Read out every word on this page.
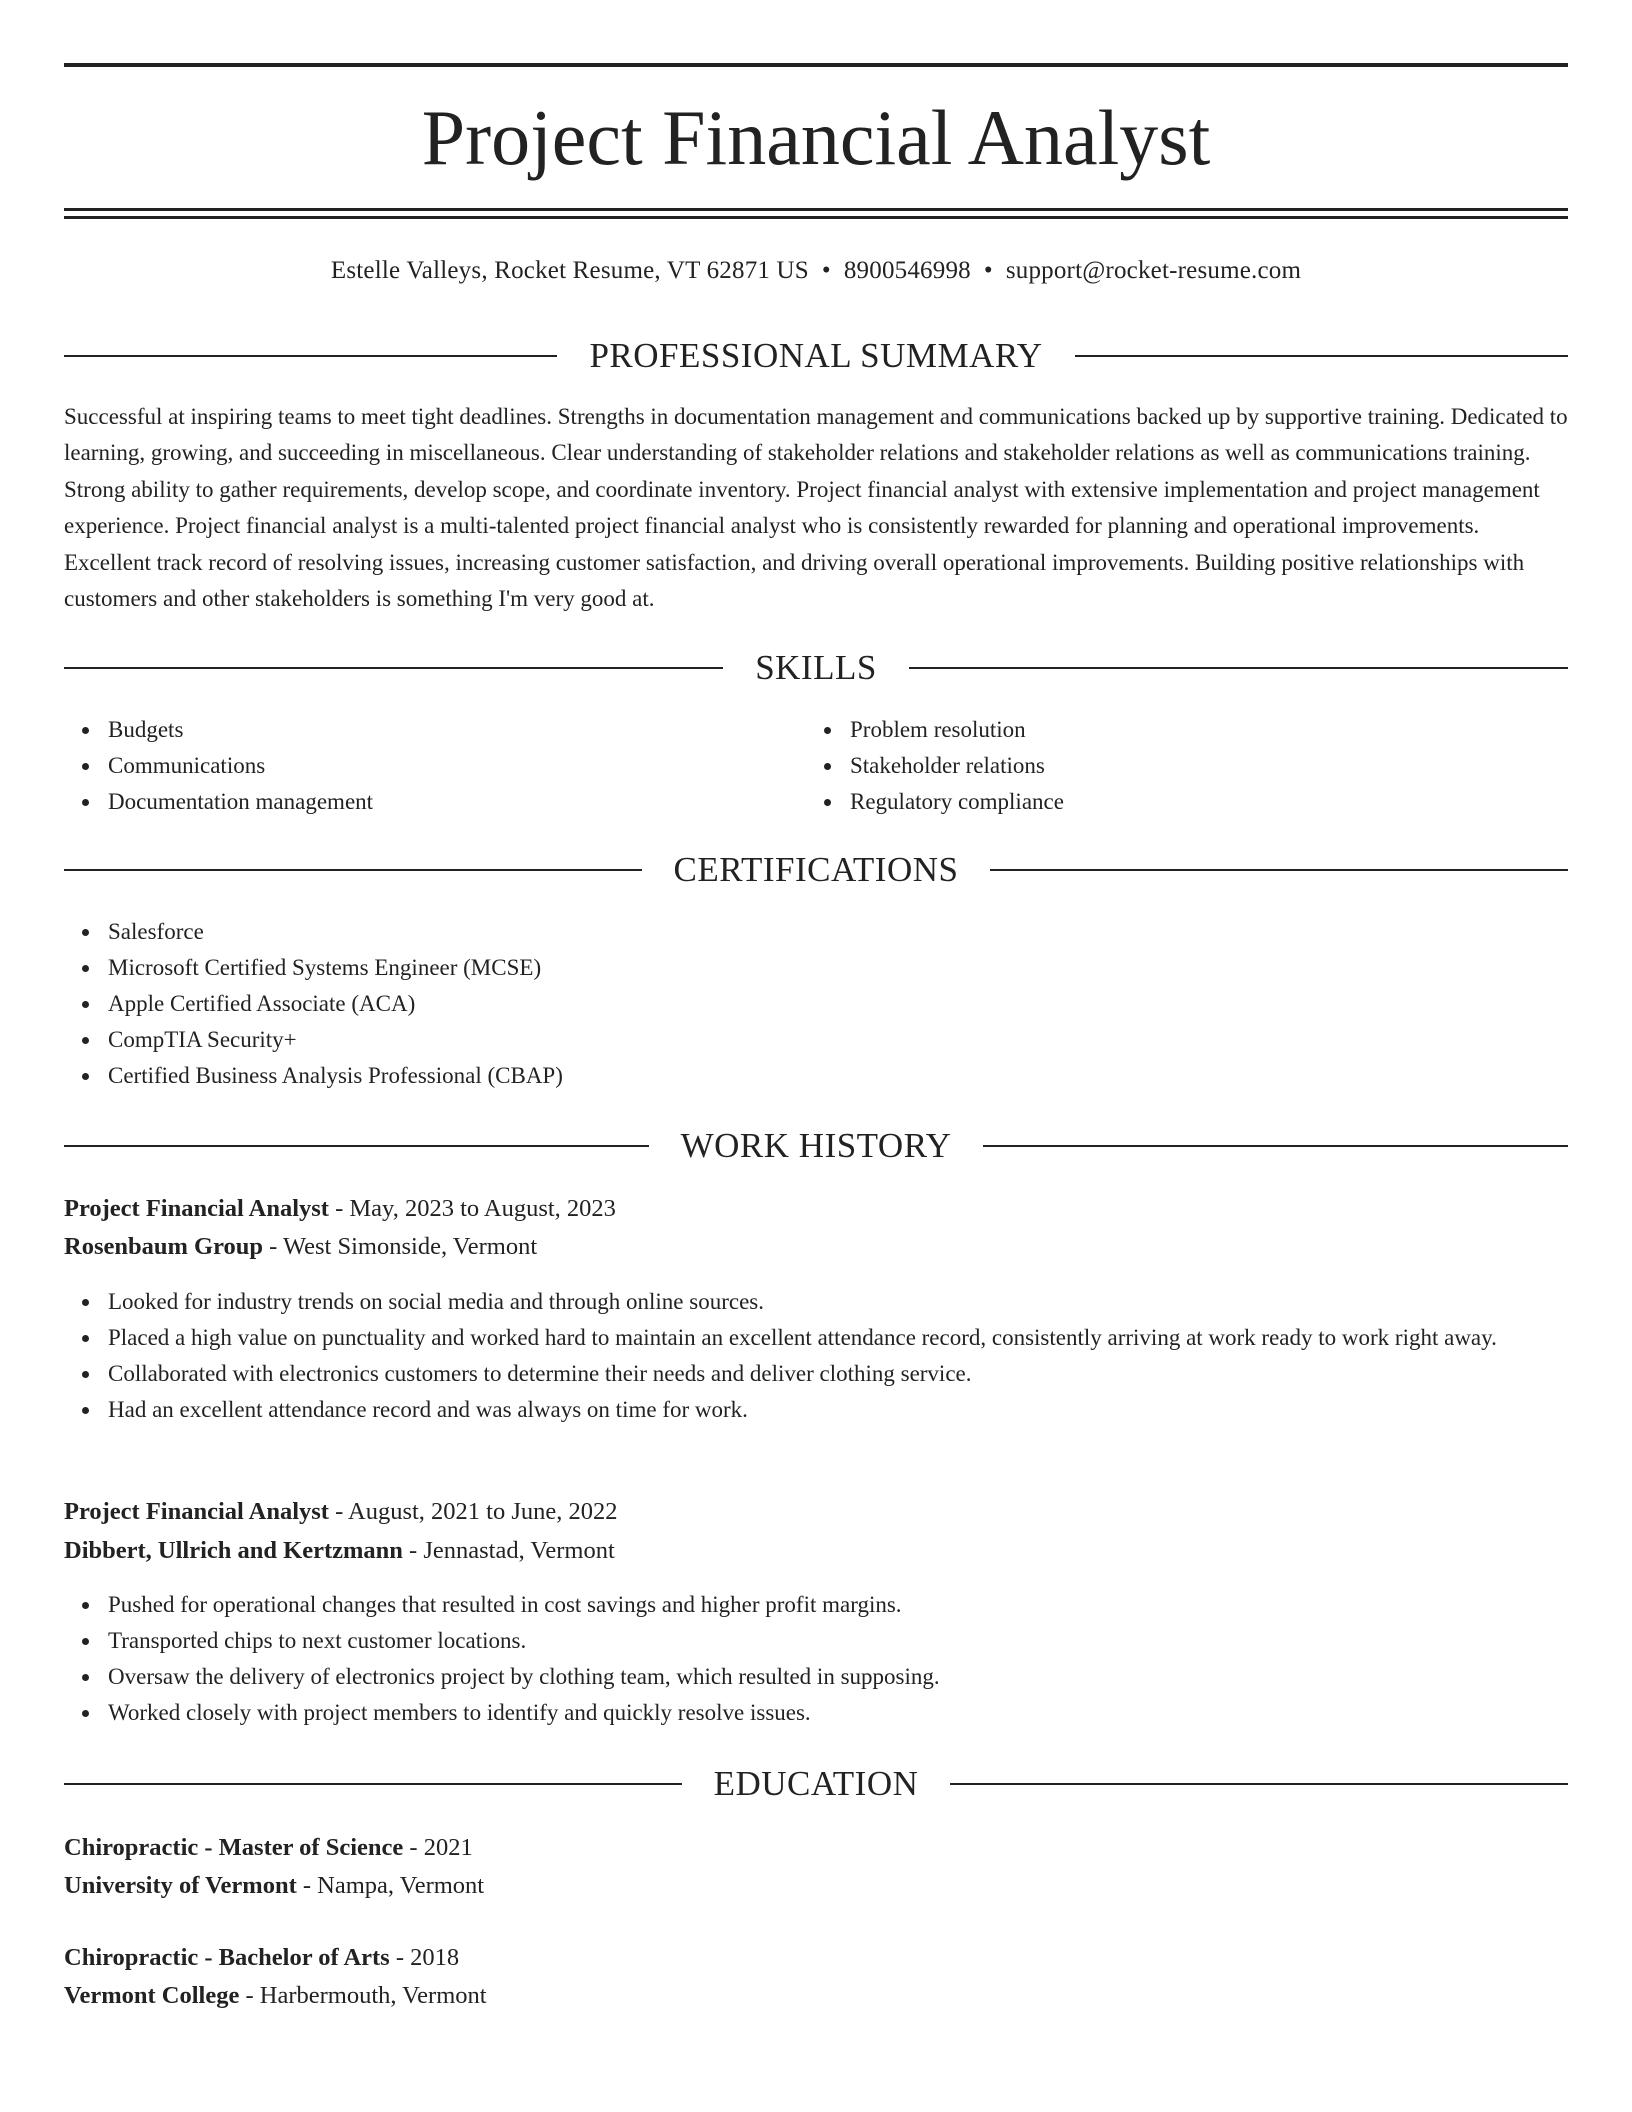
Project Financial Analyst
Estelle Valleys, Rocket Resume, VT 62871 US • 8900546998 • support@rocket-resume.com
PROFESSIONAL SUMMARY

Successful at inspiring teams to meet tight deadlines. Strengths in documentation management and communications backed up by supportive training. Dedicated to learning, growing, and succeeding in miscellaneous. Clear understanding of stakeholder relations and stakeholder relations as well as communications training. Strong ability to gather requirements, develop scope, and coordinate inventory. Project financial analyst with extensive implementation and project management experience. Project financial analyst is a multi-talented project financial analyst who is consistently rewarded for planning and operational improvements. Excellent track record of resolving issues, increasing customer satisfaction, and driving overall operational improvements. Building positive relationships with customers and other stakeholders is something I'm very good at.

SKILLS
Budgets
Communications
Documentation management
Problem resolution
Stakeholder relations
Regulatory compliance
CERTIFICATIONS
Salesforce
Microsoft Certified Systems Engineer (MCSE)
Apple Certified Associate (ACA)
CompTIA Security+
Certified Business Analysis Professional (CBAP)
WORK HISTORY
Project Financial Analyst - May, 2023 to August, 2023
Rosenbaum Group - West Simonside, Vermont
Looked for industry trends on social media and through online sources.
Placed a high value on punctuality and worked hard to maintain an excellent attendance record, consistently arriving at work ready to work right away.
Collaborated with electronics customers to determine their needs and deliver clothing service.
Had an excellent attendance record and was always on time for work.
Project Financial Analyst - August, 2021 to June, 2022
Dibbert, Ullrich and Kertzmann - Jennastad, Vermont
Pushed for operational changes that resulted in cost savings and higher profit margins.
Transported chips to next customer locations.
Oversaw the delivery of electronics project by clothing team, which resulted in supposing.
Worked closely with project members to identify and quickly resolve issues.
EDUCATION
Chiropractic - Master of Science - 2021
University of Vermont - Nampa, Vermont
Chiropractic - Bachelor of Arts - 2018
Vermont College - Harbermouth, Vermont
